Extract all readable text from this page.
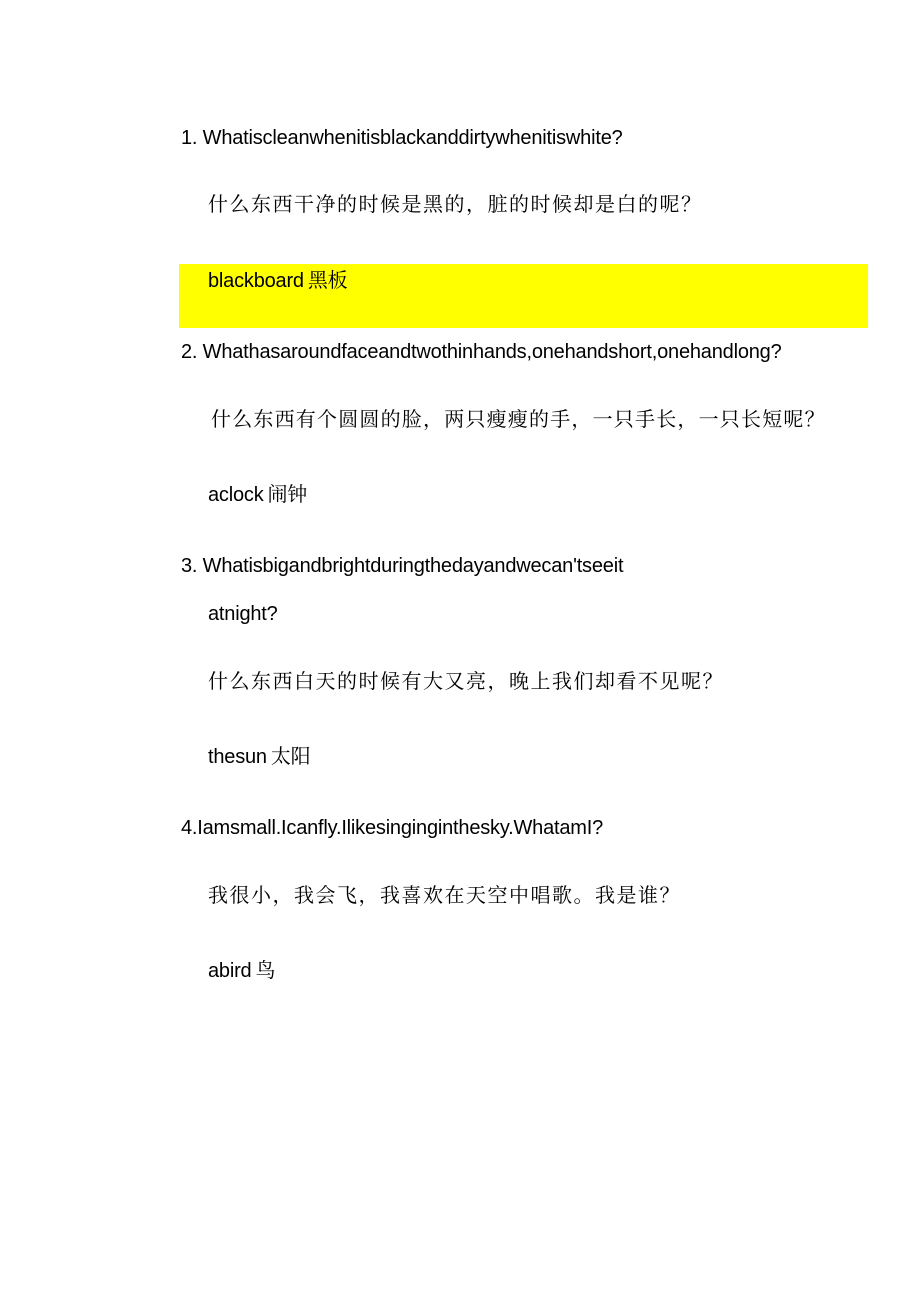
1. Whatiscleanwhenitisblackanddirtywhenitiswhite?
什么东西干净的时候是黑的，脏的时候却是白的呢？
blackboard 黑板
2. Whathasaroundfaceandtwothinhands,onehandshort,onehandlong?
什么东西有个圆圆的脸，两只瘦瘦的手，一只手长，一只长短呢？
aclock 闹钟
3. Whatisbigandbrightduringthedayandwecan'tseeit
atnight?
什么东西白天的时候有大又亮，晚上我们却看不见呢？
thesun 太阳
4.Iamsmall.Icanfly.Ilikesinginginthesky.WhatamI?
我很小，我会飞，我喜欢在天空中唱歌。我是谁？
abird 鸟
